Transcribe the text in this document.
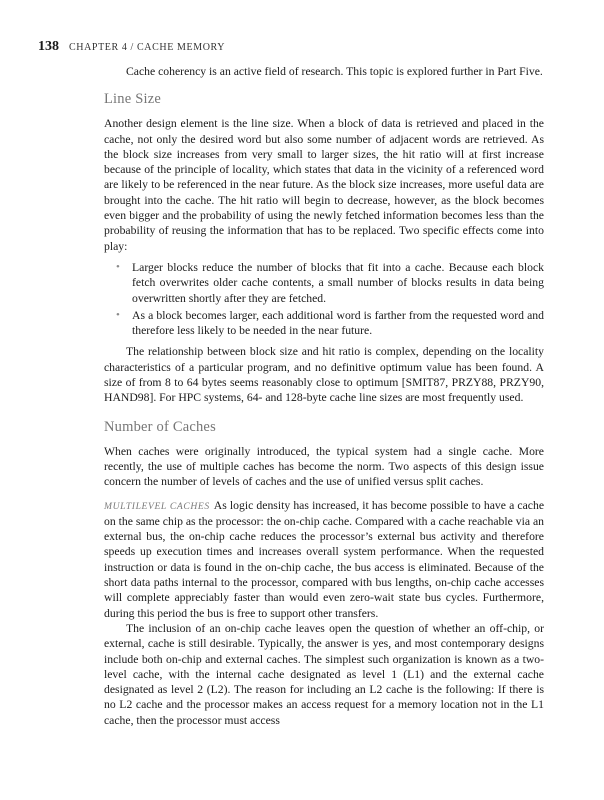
138 CHAPTER 4 / CACHE MEMORY

Cache coherency is an active field of research. This topic is explored further in Part Five.

Line Size

Another design element is the line size. When a block of data is retrieved and placed in the cache, not only the desired word but also some number of adjacent words are retrieved. As the block size increases from very small to larger sizes, the hit ratio will at first increase because of the principle of locality, which states that data in the vicinity of a referenced word are likely to be referenced in the near future. As the block size increases, more useful data are brought into the cache. The hit ratio will begin to decrease, however, as the block becomes even bigger and the probability of using the newly fetched information becomes less than the probability of reusing the information that has to be replaced. Two specific effects come into play:

• Larger blocks reduce the number of blocks that fit into a cache. Because each block fetch overwrites older cache contents, a small number of blocks results in data being overwritten shortly after they are fetched.
• As a block becomes larger, each additional word is farther from the requested word and therefore less likely to be needed in the near future.

The relationship between block size and hit ratio is complex, depending on the locality characteristics of a particular program, and no definitive optimum value has been found. A size of from 8 to 64 bytes seems reasonably close to optimum [SMIT87, PRZY88, PRZY90, HAND98]. For HPC systems, 64- and 128-byte cache line sizes are most frequently used.

Number of Caches

When caches were originally introduced, the typical system had a single cache. More recently, the use of multiple caches has become the norm. Two aspects of this design issue concern the number of levels of caches and the use of unified versus split caches.

MULTILEVEL CACHES As logic density has increased, it has become possible to have a cache on the same chip as the processor: the on-chip cache. Compared with a cache reachable via an external bus, the on-chip cache reduces the processor’s external bus activity and therefore speeds up execution times and increases overall system performance. When the requested instruction or data is found in the on-chip cache, the bus access is eliminated. Because of the short data paths internal to the processor, compared with bus lengths, on-chip cache accesses will complete appreciably faster than would even zero-wait state bus cycles. Furthermore, during this period the bus is free to support other transfers.

The inclusion of an on-chip cache leaves open the question of whether an off-chip, or external, cache is still desirable. Typically, the answer is yes, and most contemporary designs include both on-chip and external caches. The simplest such organization is known as a two-level cache, with the internal cache designated as level 1 (L1) and the external cache designated as level 2 (L2). The reason for including an L2 cache is the following: If there is no L2 cache and the processor makes an access request for a memory location not in the L1 cache, then the processor must access
